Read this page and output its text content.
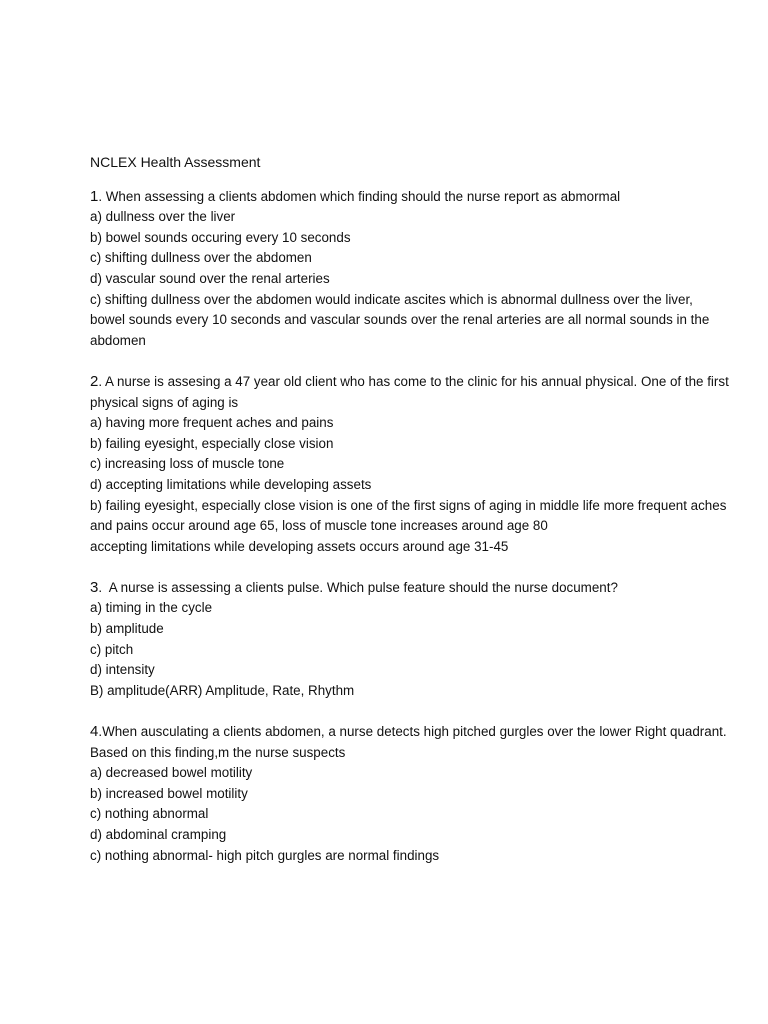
NCLEX Health Assessment

1. When assessing a clients abdomen which finding should the nurse report as abmormal

a) dullness over the liver

b) bowel sounds occuring every 10 seconds

c) shifting dullness over the abdomen

d) vascular sound over the renal arteries

c) shifting dullness over the abdomen would indicate ascites which is abnormal dullness over the liver, bowel sounds every 10 seconds and vascular sounds over the renal arteries are all normal sounds in the abdomen

2. A nurse is assesing a 47 year old client who has come to the clinic for his annual physical. One of the first physical signs of aging is

a) having more frequent aches and pains

b) failing eyesight, especially close vision

c) increasing loss of muscle tone

d) accepting limitations while developing assets

b) failing eyesight, especially close vision is one of the first signs of aging in middle life more frequent aches and pains occur around age 65, loss of muscle tone increases around age 80

accepting limitations while developing assets occurs around age 31-45

3.  A nurse is assessing a clients pulse. Which pulse feature should the nurse document?

a) timing in the cycle

b) amplitude

c) pitch

d) intensity

B) amplitude(ARR) Amplitude, Rate, Rhythm

4.When ausculating a clients abdomen, a nurse detects high pitched gurgles over the lower Right quadrant. Based on this finding,m the nurse suspects

a) decreased bowel motility

b) increased bowel motility

c) nothing abnormal

d) abdominal cramping

c) nothing abnormal- high pitch gurgles are normal findings
